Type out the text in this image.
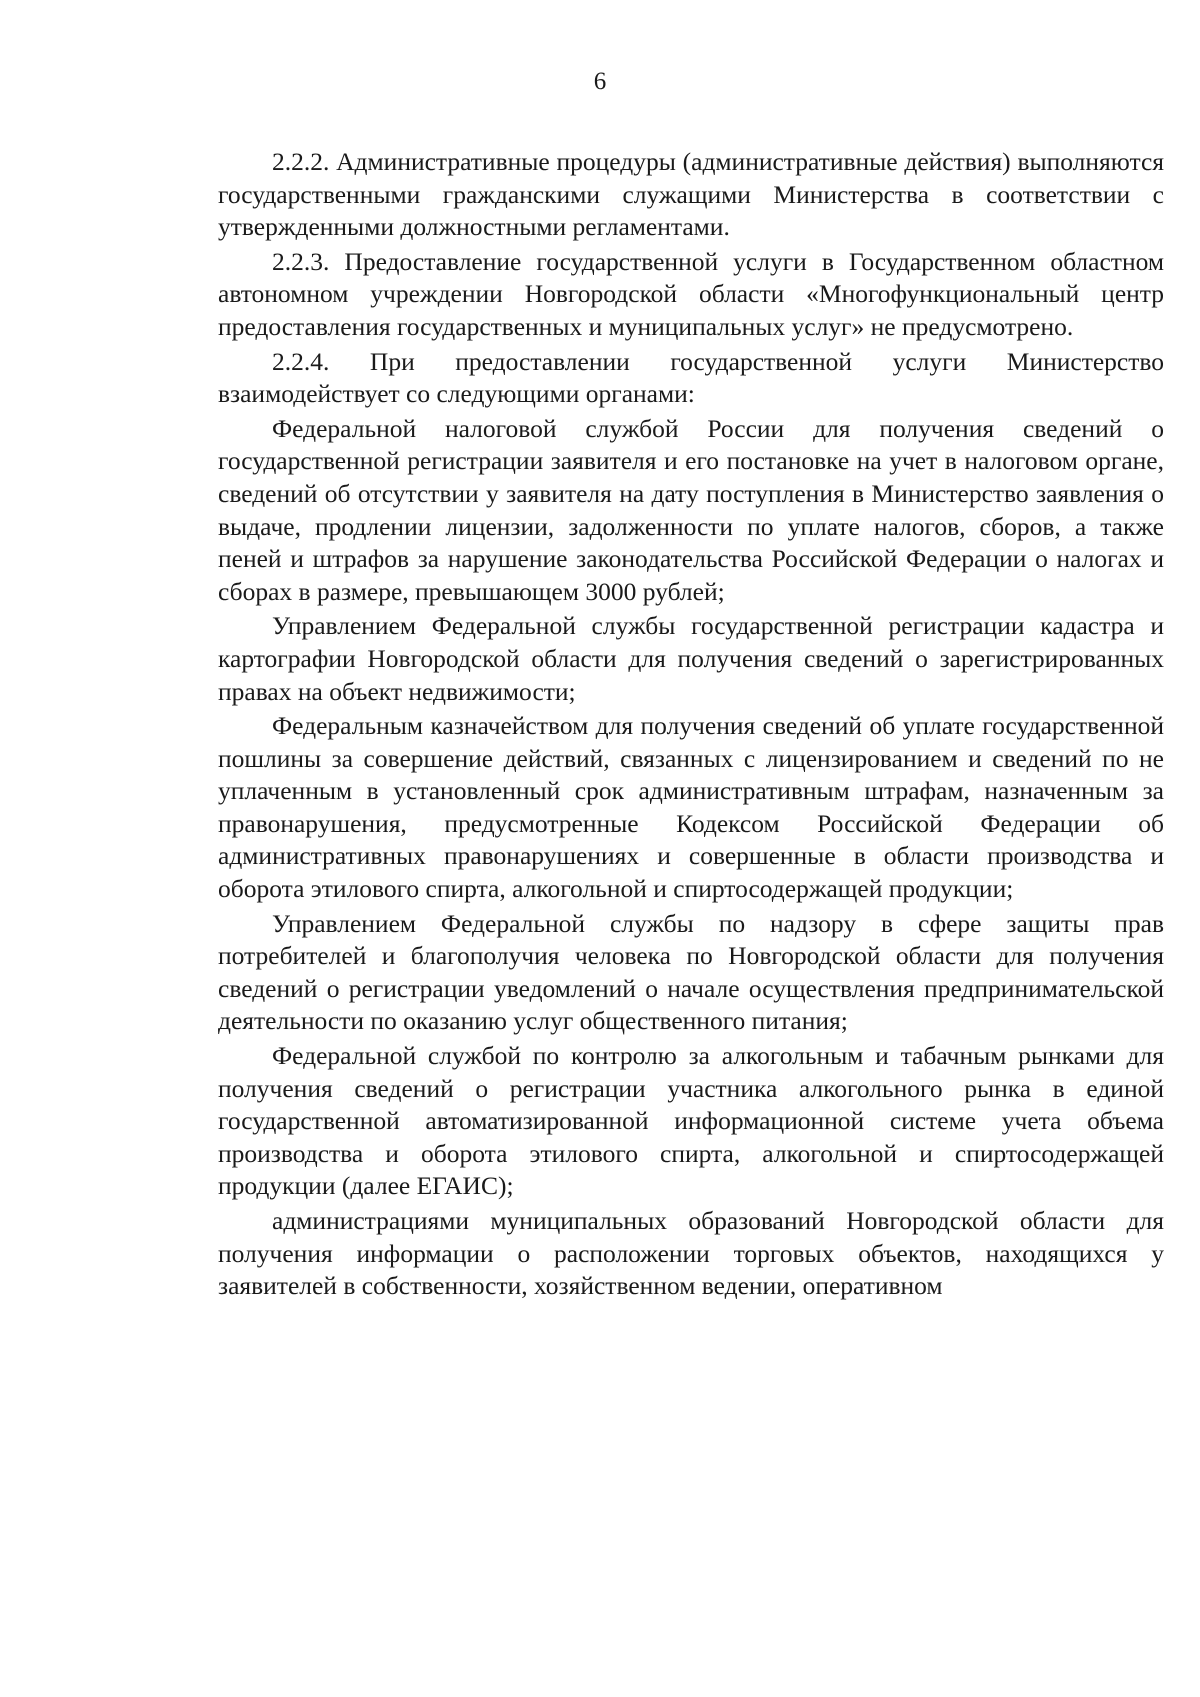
6

2.2.2. Административные процедуры (административные действия) выполняются государственными гражданскими служащими Министерства в соответствии с утвержденными должностными регламентами.

2.2.3. Предоставление государственной услуги в Государственном областном автономном учреждении Новгородской области «Многофункциональный центр предоставления государственных и муниципальных услуг» не предусмотрено.

2.2.4. При предоставлении государственной услуги Министерство взаимодействует со следующими органами:

Федеральной налоговой службой России для получения сведений о государственной регистрации заявителя и его постановке на учет в налоговом органе, сведений об отсутствии у заявителя на дату поступления в Министерство заявления о выдаче, продлении лицензии, задолженности по уплате налогов, сборов, а также пеней и штрафов за нарушение законодательства Российской Федерации о налогах и сборах в размере, превышающем 3000 рублей;

Управлением Федеральной службы государственной регистрации кадастра и картографии Новгородской области для получения сведений о зарегистрированных правах на объект недвижимости;

Федеральным казначейством для получения сведений об уплате государственной пошлины за совершение действий, связанных с лицензированием и сведений по не уплаченным в установленный срок административным штрафам, назначенным за правонарушения, предусмотренные Кодексом Российской Федерации об административных правонарушениях и совершенные в области производства и оборота этилового спирта, алкогольной и спиртосодержащей продукции;

Управлением Федеральной службы по надзору в сфере защиты прав потребителей и благополучия человека по Новгородской области для получения сведений о регистрации уведомлений о начале осуществления предпринимательской деятельности по оказанию услуг общественного питания;

Федеральной службой по контролю за алкогольным и табачным рынками для получения сведений о регистрации участника алкогольного рынка в единой государственной автоматизированной информационной системе учета объема производства и оборота этилового спирта, алкогольной и спиртосодержащей продукции (далее ЕГАИС);

администрациями муниципальных образований Новгородской области для получения информации о расположении торговых объектов, находящихся у заявителей в собственности, хозяйственном ведении, оперативном
